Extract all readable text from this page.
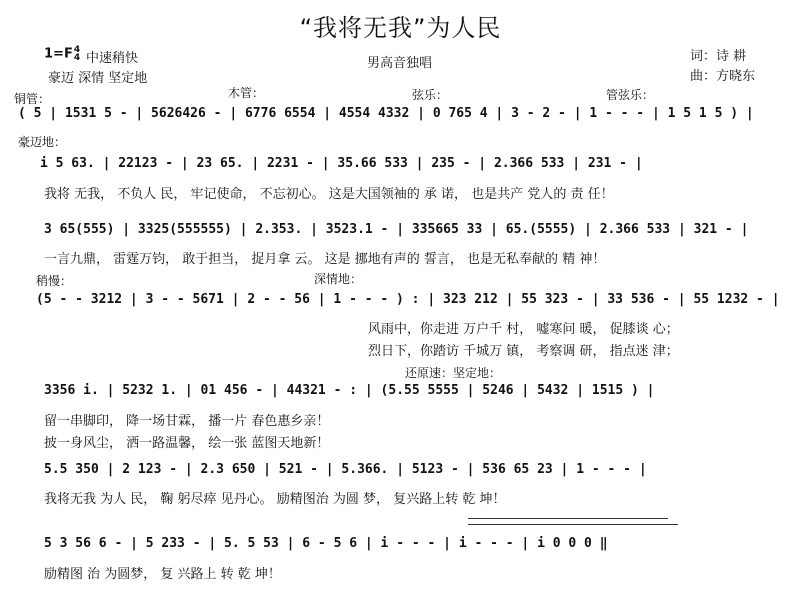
“我将无我”为人民
1=F4
4 中速稍快
豪迈 深情 坚定地
男高音独唱	词：诗 耕
曲：方晓东
铜管：	木管：	弦乐：	管弦乐：
( 5 | 1531 5 - | 5626426 - | 6776 6554 | 4554 4332 | 0 765 4 | 3 - 2 - | 1 - - - | 1 5 1 5 ) |
豪迈地：
i 5 63. | 22123 - | 23 65. | 2231 - | 35.66 533 | 235 - | 2.366 533 | 231 - |
我将 无我， 不负人 民， 牢记使命， 不忘初心。 这是大国领袖的 承 诺， 也是共产 党人的 责 任！
3 65(555) | 3325(555555) | 2.353. | 3523.1 - | 335665 33 | 65.(5555) | 2.366 533 | 321 - |
一言九鼎， 雷霆万钧， 敢于担当， 捉月拿 云。 这是 挪地有声的 誓言， 也是无私奉献的 精 神！
稍慢：	深情地：
(5 - - 3212 | 3 - - 5671 | 2 - - 56 | 1 - - - ) : | 323 212 | 55 323 - | 33 536 - | 55 1232 - |
风雨中，你走进 万户千 村， 嘘寒问 暖， 促膝谈 心；
烈日下，你踏访 千城万 镇， 考察调 研， 指点迷 津；
还原速：坚定地：
3356 i. | 5232 1. | 01 456 - | 44321 - : | (5.55 5555 | 5246 | 5432 | 1515 ) |
留一串脚印， 降一场甘霖， 播一片 春色惠乡亲！
披一身风尘， 洒一路温馨， 绘一张 蓝图天地新！
5.5 350 | 2 123 - | 2.3 650 | 521 - | 5.366. | 5123 - | 536 65 23 | 1 - - - |
我将无我 为人 民， 鞠 躬尽瘁 见丹心。 励精图治 为圆 梦， 复兴路上转 乾 坤！
5 3 56 6 - | 5 233 - | 5. 5 53 | 6 - 5 6 | i - - - | i - - - | i 0 0 0 ‖
励精图 治 为圆梦， 复 兴路上 转 乾 坤！
